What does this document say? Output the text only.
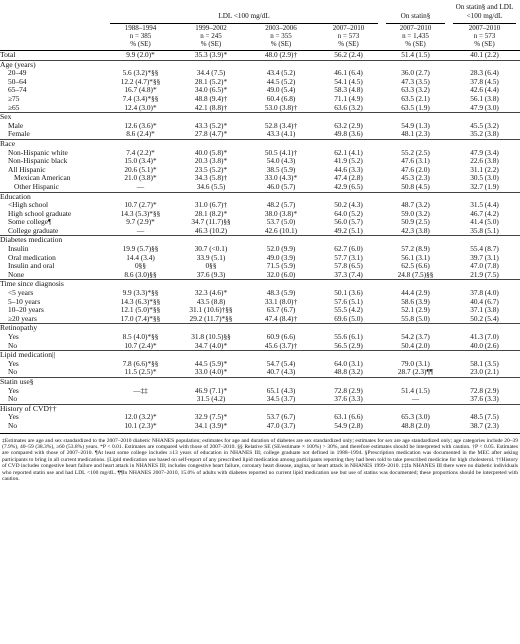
	LDL <100 mg/dL				On statin§	On statin§ and LDL <100 mg/dL

	1988–1994	1999–2002	2003–2006	2007–2010	2007–2010	2007–2010
	n = 385	n = 245	n = 355	n = 573	n = 1,435	n = 573
	% (SE)	% (SE)	% (SE)	% (SE)	% (SE)	% (SE)
Total	9.9 (2.0)*	35.3 (3.9)*	48.0 (2.9)†	56.2 (2.4)	51.4 (1.5)	40.1 (2.2)
Age (years)						
20–49	5.6 (3.2)*§§	34.4 (7.5)	43.4 (5.2)	46.1 (6.4)	36.0 (2.7)	28.3 (6.4)
50–64	12.2 (4.7)*§§	28.1 (5.2)*	44.5 (5.2)	54.1 (4.5)	47.3 (3.5)	37.8 (4.5)
65–74	16.7 (4.8)*	34.0 (6.5)*	49.0 (5.4)	58.3 (4.8)	63.3 (3.2)	42.6 (4.4)
≥75	7.4 (3.4)*§§	48.8 (9.4)†	60.4 (6.8)	71.1 (4.9)	63.5 (2.1)	56.1 (3.8)
≥65	12.4 (3.0)*	42.1 (8.8)†	53.0 (3.8)†	63.6 (3.2)	63.5 (1.9)	47.9 (3.0)
Sex						
Male	12.6 (3.6)*	43.3 (5.2)*	52.8 (3.4)†	63.2 (2.9)	54.9 (1.3)	45.5 (3.2)
Female	8.6 (2.4)*	27.8 (4.7)*	43.3 (4.1)	49.8 (3.6)	48.1 (2.3)	35.2 (3.8)
Race						
Non-Hispanic white	7.4 (2.2)*	40.0 (5.8)*	50.5 (4.1)†	62.1 (4.1)	55.2 (2.5)	47.9 (3.4)
Non-Hispanic black	15.0 (3.4)*	20.3 (3.8)*	54.0 (4.3)	41.9 (5.2)	47.6 (3.1)	22.6 (3.8)
All Hispanic	20.6 (5.1)*	23.5 (5.2)*	38.5 (5.9)	44.6 (3.3)	47.6 (2.0)	31.1 (2.2)
Mexican American	21.0 (3.8)*	34.3 (5.8)†	33.0 (4.3)*	47.4 (2.8)	45.3 (2.3)	30.5 (3.0)
Other Hispanic	—	34.6 (5.5)	46.0 (5.7)	42.9 (6.5)	50.8 (4.5)	32.7 (1.9)
Education						
<High school	10.7 (2.7)*	31.0 (6.7)†	48.2 (5.7)	50.2 (4.3)	48.7 (3.2)	31.5 (4.4)
High school graduate	14.3 (5.3)*§§	28.1 (8.2)*	38.0 (3.8)*	64.0 (5.2)	59.0 (3.2)	46.7 (4.2)
Some college¶	9.7 (2.9)*	34.7 (11.7)§§	53.7 (5.0)	56.0 (5.7)	50.9 (2.5)	41.4 (5.0)
College graduate	—	46.3 (10.2)	42.6 (10.1)	49.2 (5.1)	42.3 (3.8)	35.8 (5.1)
Diabetes medication						
Insulin	19.9 (5.7)§§	30.7 (<0.1)	52.0 (9.9)	62.7 (6.0)	57.2 (8.9)	55.4 (8.7)
Oral medication	14.4 (3.4)	33.9 (5.1)	49.0 (3.9)	57.7 (3.1)	56.1 (3.1)	39.7 (3.1)
Insulin and oral	0§§	0§§	71.5 (5.9)	57.8 (6.5)	62.5 (6.6)	47.0 (7.8)
None	8.6 (3.0)§§	37.6 (9.3)	32.0 (6.0)	37.3 (7.4)	24.8 (7.5)§§	21.9 (7.5)
Time since diagnosis						
<5 years	9.9 (3.3)*§§	32.3 (4.6)*	48.3 (5.9)	50.1 (3.6)	44.4 (2.9)	37.8 (4.0)
5–10 years	14.3 (6.3)*§§	43.5 (8.8)	33.1 (8.0)†	57.6 (5.1)	58.6 (3.9)	40.4 (6.7)
10–20 years	12.1 (5.0)*§§	31.1 (10.6)†§§	63.7 (6.7)	55.5 (4.2)	52.1 (2.9)	37.1 (3.8)
≥20 years	17.0 (7.4)*§§	29.2 (11.7)*§§	47.4 (8.4)†	69.6 (5.0)	55.8 (5.0)	50.2 (5.4)
Retinopathy						
Yes	8.5 (4.0)*§§	31.8 (10.5)§§	60.9 (6.6)	55.6 (6.1)	54.2 (3.7)	41.3 (7.0)
No	10.7 (2.4)*	34.7 (4.0)*	45.6 (3.7)†	56.5 (2.9)	50.4 (2.0)	40.0 (2.6)
Lipid medication||						
Yes	7.8 (6.6)*§§	44.5 (5.9)*	54.7 (5.4)	64.0 (3.1)	79.0 (3.1)	58.1 (3.5)
No	11.5 (2.5)*	33.0 (4.0)*	40.7 (4.3)	48.8 (3.2)	28.7 (2.3)¶¶	23.0 (2.1)
Statin use§						
Yes	—‡‡	46.9 (7.1)*	65.1 (4.3)	72.8 (2.9)	51.4 (1.5)	72.8 (2.9)
No		31.5 (4.2)	34.5 (3.7)	37.6 (3.3)	—	37.6 (3.3)
History of CVD††						
Yes	12.0 (3.2)*	32.9 (7.5)*	53.7 (6.7)	63.1 (6.6)	65.3 (3.0)	48.5 (7.5)
No	10.1 (2.3)*	34.1 (3.9)*	47.0 (3.7)	54.9 (2.8)	48.8 (2.0)	38.7 (2.3)
‡Estimates are age and sex standardized to the 2007–2010 diabetic NHANES population; estimates for age and duration of diabetes are sex standardized only; estimates for sex are age standardized only; age categories include 20–39 (7.9%), 40–59 (38.3%), ≥60 (53.8%) years. *P < 0.01. Estimates are compared with those of 2007–2010. §§ Relative SE (SE/estimate × 100%) > 30%, and therefore estimates should be interpreted with caution. †P < 0.05. Estimates are compared with those of 2007–2010. ¶At least some college includes ≥13 years of education in NHANES III; college graduate not defined in 1988–1994. §Prescription medication was documented in the MEC after asking participants to bring in all current medications. ||Lipid medication use based on self-report of any prescribed lipid medication among participants reporting they had been told to take prescribed medicine for high cholesterol. ††History of CVD includes congestive heart failure and heart attack in NHANES III; includes congestive heart failure, coronary heart disease, angina, or heart attack in NHANES 1999–2010. ‡‡In NHANES III there were no diabetic individuals who reported statin use and had LDL <100 mg/dL. ¶¶In NHANES 2007–2010, 15.0% of adults with diabetes reported no current lipid medication use but use of statins was documented; these proportions should be interpreted with caution.
